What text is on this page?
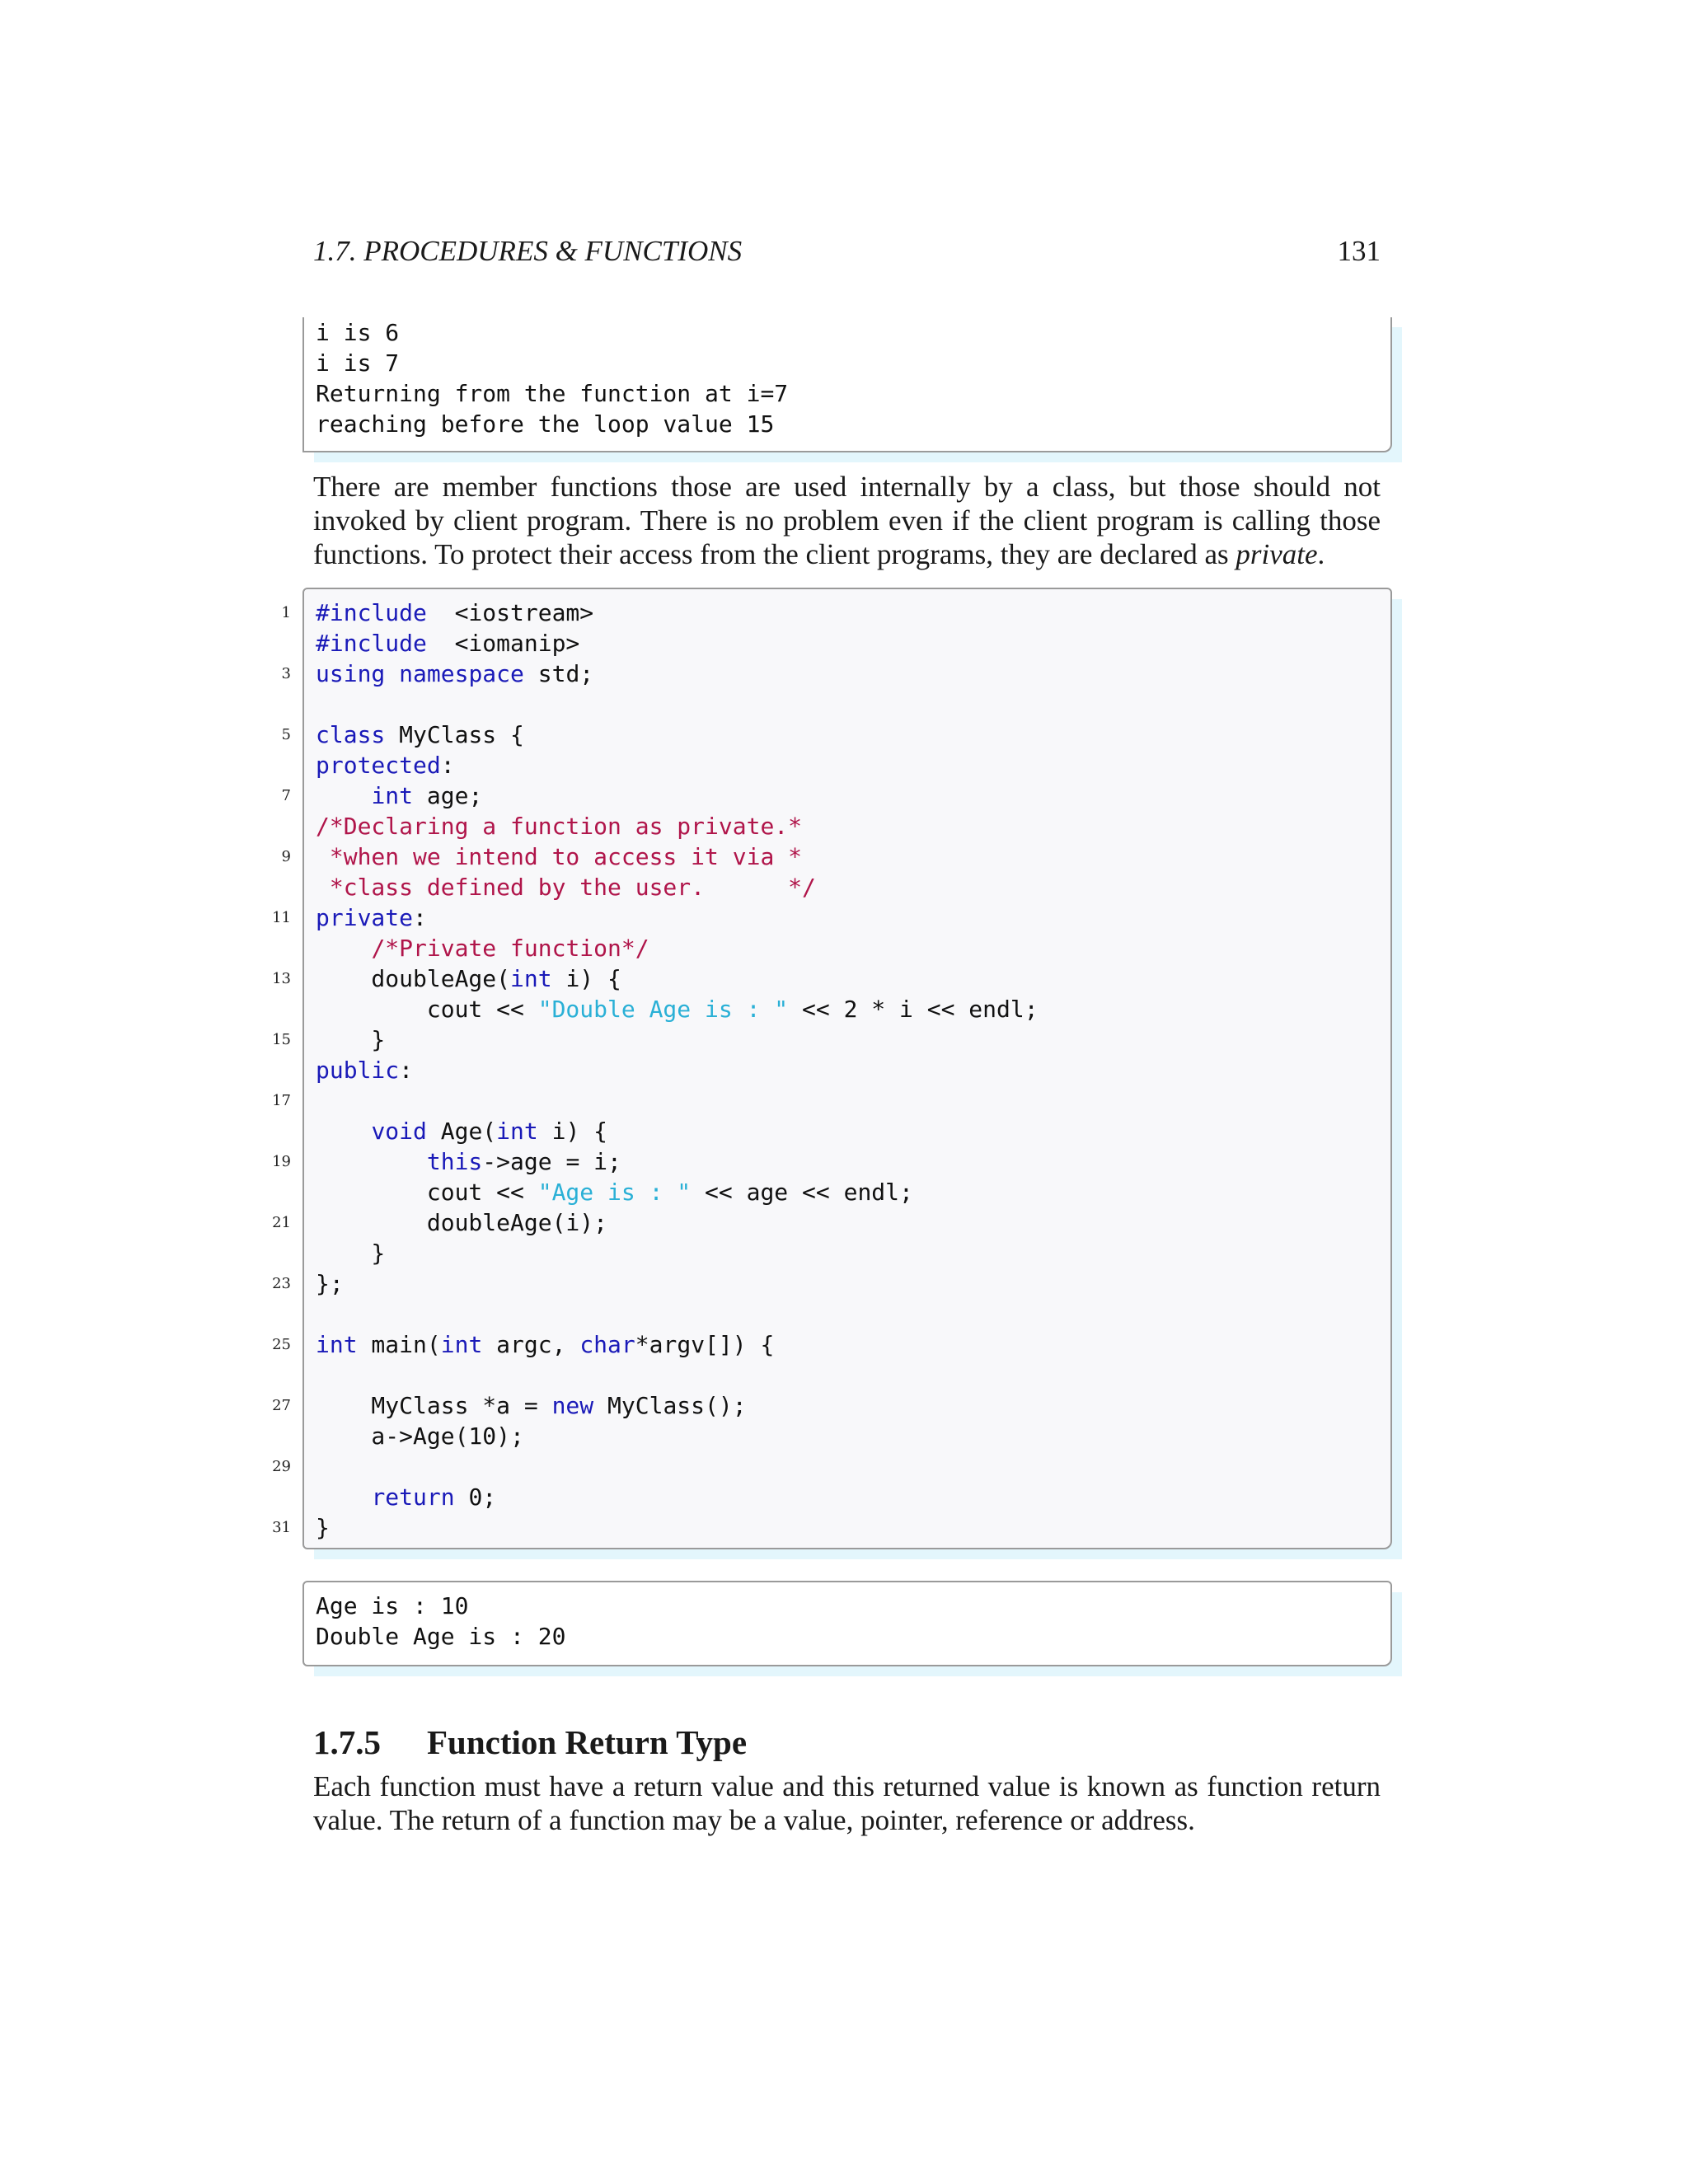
1.7. PROCEDURES & FUNCTIONS	131
i is 6
i is 7
Returning from the function at i=7
reaching before the loop value 15
There are member functions those are used internally by a class, but those should not invoked by client program. There is no problem even if the client program is calling those functions. To protect their access from the client programs, they are declared as private.
1 #include  <iostream>
#include  <iomanip>
3 using namespace std;
5 class MyClass {
protected:
7	int age;
/*Declaring a function as private.*
9 *when we intend to access it via *
*class defined by the user.      */
11 private:
/*Private function*/
13 doubleAge(int i) {
cout << "Double Age is : " << 2 * i << endl;
15 }
public:
17
void Age(int i) {
19	this->age = i;
cout << "Age is : " << age << endl;
21 doubleAge(i);
}
23 };
25 int main(int argc, char*argv[]) {
27 MyClass *a = new MyClass();
a->Age(10);
29
return 0;
31 }
Age is : 10
Double Age is : 20
1.7.5 Function Return Type
Each function must have a return value and this returned value is known as function return value. The return of a function may be a value, pointer, reference or address.
